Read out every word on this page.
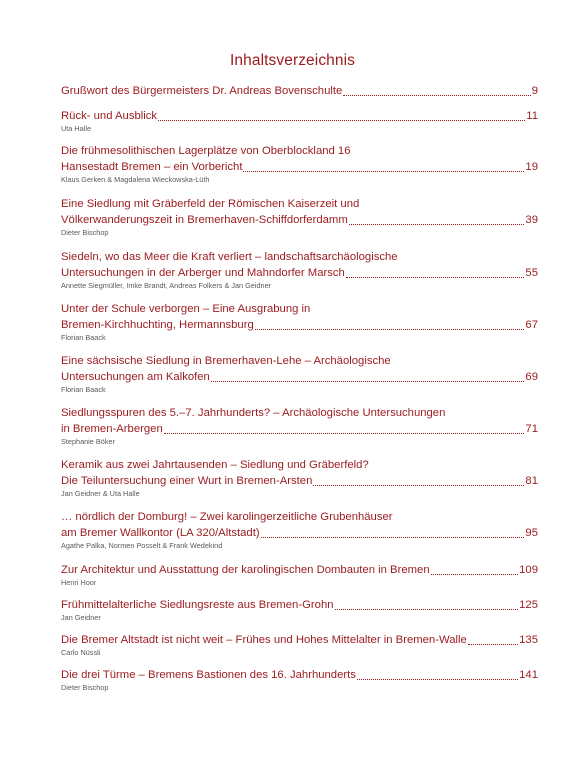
Inhaltsverzeichnis
Grußwort des Bürgermeisters Dr. Andreas Bovenschulte	9
Rück- und Ausblick	11
Uta Halle
Die frühmesolithischen Lagerplätze von Oberblockland 16
Hansestadt Bremen – ein Vorbericht	19
Klaus Gerken & Magdalena Wieckowska-Lüth
Eine Siedlung mit Gräberfeld der Römischen Kaiserzeit und
Völkerwanderungszeit in Bremerhaven-Schiffdorferdamm	39
Dieter Bischop
Siedeln, wo das Meer die Kraft verliert – landschaftsarchäologische
Untersuchungen in der Arberger und Mahndorfer Marsch	55
Annette Siegmüller, Imke Brandt, Andreas Folkers & Jan Geidner
Unter der Schule verborgen – Eine Ausgrabung in
Bremen-Kirchhuchting, Hermannsburg	67
Florian Baack
Eine sächsische Siedlung in Bremerhaven-Lehe – Archäologische
Untersuchungen am Kalkofen	69
Florian Baack
Siedlungsspuren des 5.–7. Jahrhunderts? – Archäologische Untersuchungen
in Bremen-Arbergen	71
Stephanie Böker
Keramik aus zwei Jahrtausenden – Siedlung und Gräberfeld?
Die Teiluntersuchung einer Wurt in Bremen-Arsten	81
Jan Geidner & Uta Halle
… nördlich der Domburg! – Zwei karolingerzeitliche Grubenhäuser
am Bremer Wallkontor (LA 320/Altstadt)	95
Agathe Palka, Normen Posselt & Frank Wedekind
Zur Architektur und Ausstattung der karolingischen Dombauten in Bremen	109
Henri Hoor
Frühmittelalterliche Siedlungsreste aus Bremen-Grohn	125
Jan Geidner
Die Bremer Altstadt ist nicht weit – Frühes und Hohes Mittelalter in Bremen-Walle	135
Carlo Nüssli
Die drei Türme – Bremens Bastionen des 16. Jahrhunderts	141
Dieter Bischop
